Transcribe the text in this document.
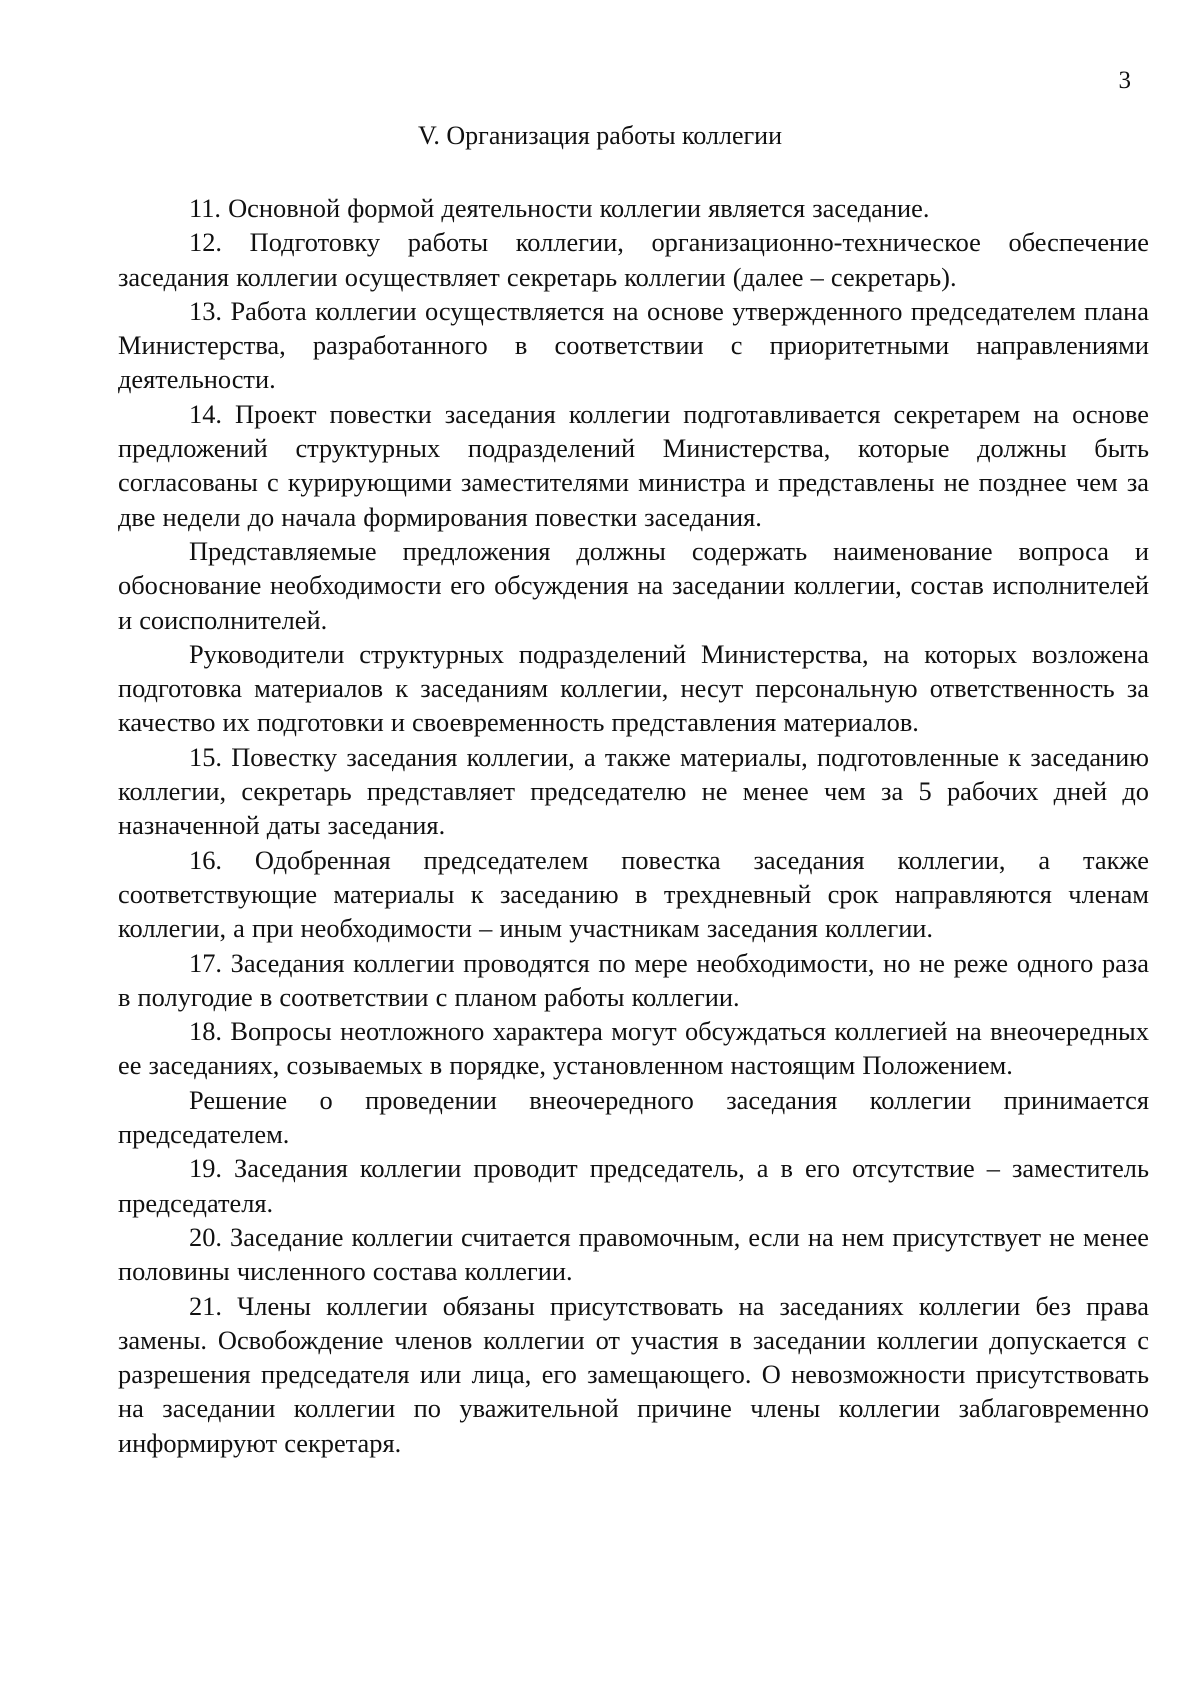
3
V. Организация работы коллегии

11. Основной формой деятельности коллегии является заседание.

12. Подготовку работы коллегии, организационно-техническое обеспечение заседания коллегии осуществляет секретарь коллегии (далее – секретарь).

13. Работа коллегии осуществляется на основе утвержденного председателем плана Министерства, разработанного в соответствии с приоритетными направлениями деятельности.

14. Проект повестки заседания коллегии подготавливается секретарем на основе предложений структурных подразделений Министерства, которые должны быть согласованы с курирующими заместителями министра и представлены не позднее чем за две недели до начала формирования повестки заседания.

Представляемые предложения должны содержать наименование вопроса и обоснование необходимости его обсуждения на заседании коллегии, состав исполнителей и соисполнителей.

Руководители структурных подразделений Министерства, на которых возложена подготовка материалов к заседаниям коллегии, несут персональную ответственность за качество их подготовки и своевременность представления материалов.

15. Повестку заседания коллегии, а также материалы, подготовленные к заседанию коллегии, секретарь представляет председателю не менее чем за 5 рабочих дней до назначенной даты заседания.

16. Одобренная председателем повестка заседания коллегии, а также соответствующие материалы к заседанию в трехдневный срок направляются членам коллегии, а при необходимости – иным участникам заседания коллегии.

17. Заседания коллегии проводятся по мере необходимости, но не реже одного раза в полугодие в соответствии с планом работы коллегии.

18. Вопросы неотложного характера могут обсуждаться коллегией на внеочередных ее заседаниях, созываемых в порядке, установленном настоящим Положением.

Решение о проведении внеочередного заседания коллегии принимается председателем.

19. Заседания коллегии проводит председатель, а в его отсутствие – заместитель председателя.

20. Заседание коллегии считается правомочным, если на нем присутствует не менее половины численного состава коллегии.

21. Члены коллегии обязаны присутствовать на заседаниях коллегии без права замены. Освобождение членов коллегии от участия в заседании коллегии допускается с разрешения председателя или лица, его замещающего. О невозможности присутствовать на заседании коллегии по уважительной причине члены коллегии заблаговременно информируют секретаря.
